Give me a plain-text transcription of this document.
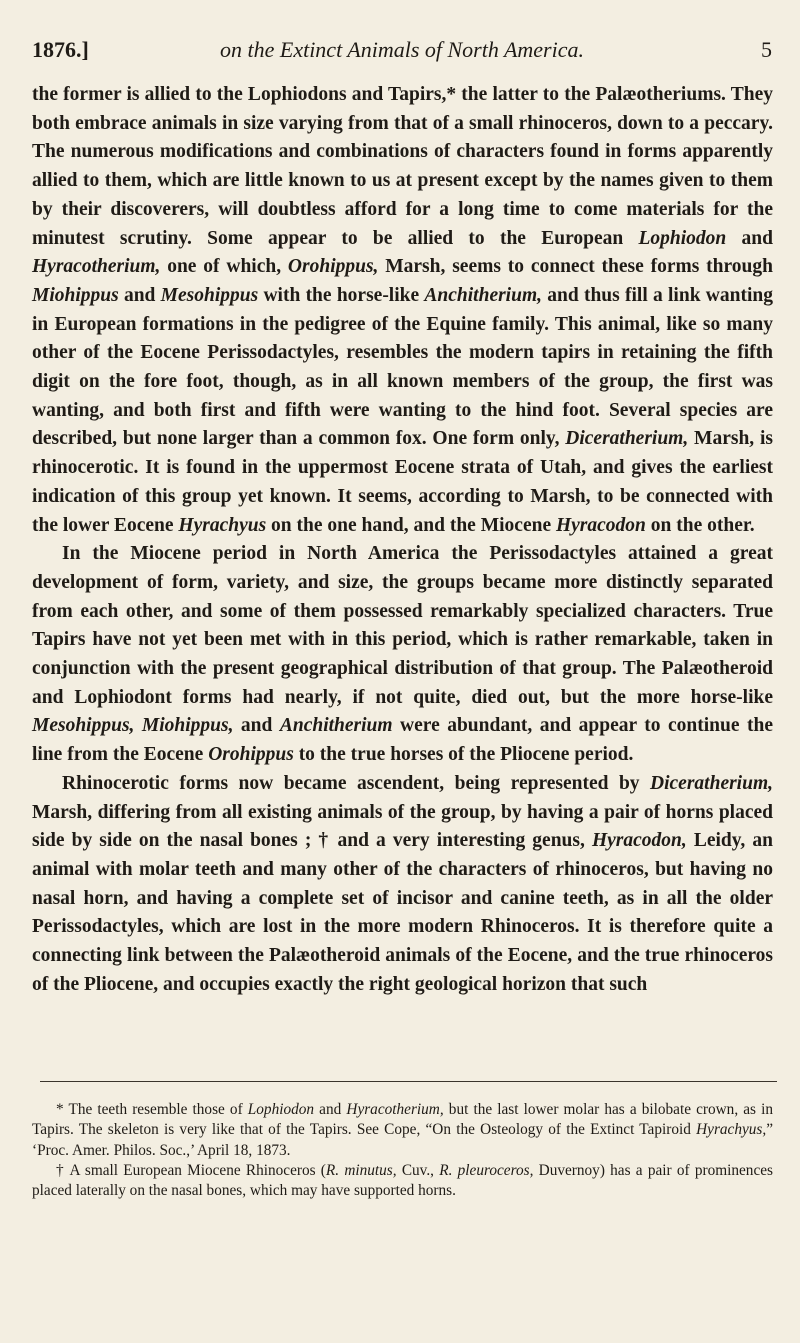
1876.]	on the Extinct Animals of North America.	5

the former is allied to the Lophiodons and Tapirs,* the latter to the Palæotheriums. They both embrace animals in size varying from that of a small rhinoceros, down to a peccary. The numerous modifications and combinations of characters found in forms apparently allied to them, which are little known to us at present except by the names given to them by their discoverers, will doubtless afford for a long time to come materials for the minutest scrutiny. Some appear to be allied to the European Lophiodon and Hyracotherium, one of which, Orohippus, Marsh, seems to connect these forms through Miohippus and Mesohippus with the horse-like Anchitherium, and thus fill a link wanting in European formations in the pedigree of the Equine family. This animal, like so many other of the Eocene Perissodactyles, resembles the modern tapirs in retaining the fifth digit on the fore foot, though, as in all known members of the group, the first was wanting, and both first and fifth were wanting to the hind foot. Several species are described, but none larger than a common fox. One form only, Diceratherium, Marsh, is rhinocerotic. It is found in the uppermost Eocene strata of Utah, and gives the earliest indication of this group yet known. It seems, according to Marsh, to be connected with the lower Eocene Hyrachyus on the one hand, and the Miocene Hyracodon on the other.

In the Miocene period in North America the Perissodactyles attained a great development of form, variety, and size, the groups became more distinctly separated from each other, and some of them possessed remarkably specialized characters. True Tapirs have not yet been met with in this period, which is rather remarkable, taken in conjunction with the present geographical distribution of that group. The Palæotheroid and Lophiodont forms had nearly, if not quite, died out, but the more horse-like Mesohippus, Miohippus, and Anchitherium were abundant, and appear to continue the line from the Eocene Orohippus to the true horses of the Pliocene period.

Rhinocerotic forms now became ascendent, being represented by Diceratherium, Marsh, differing from all existing animals of the group, by having a pair of horns placed side by side on the nasal bones ; † and a very interesting genus, Hyracodon, Leidy, an animal with molar teeth and many other of the characters of rhinoceros, but having no nasal horn, and having a complete set of incisor and canine teeth, as in all the older Perissodactyles, which are lost in the more modern Rhinoceros. It is therefore quite a connecting link between the Palæotheroid animals of the Eocene, and the true rhinoceros of the Pliocene, and occupies exactly the right geological horizon that such

* The teeth resemble those of Lophiodon and Hyracotherium, but the last lower molar has a bilobate crown, as in Tapirs. The skeleton is very like that of the Tapirs. See Cope, “On the Osteology of the Extinct Tapiroid Hyrachyus,” ‘Proc. Amer. Philos. Soc.,’ April 18, 1873.

† A small European Miocene Rhinoceros (R. minutus, Cuv., R. pleuroceros, Duvernoy) has a pair of prominences placed laterally on the nasal bones, which may have supported horns.
